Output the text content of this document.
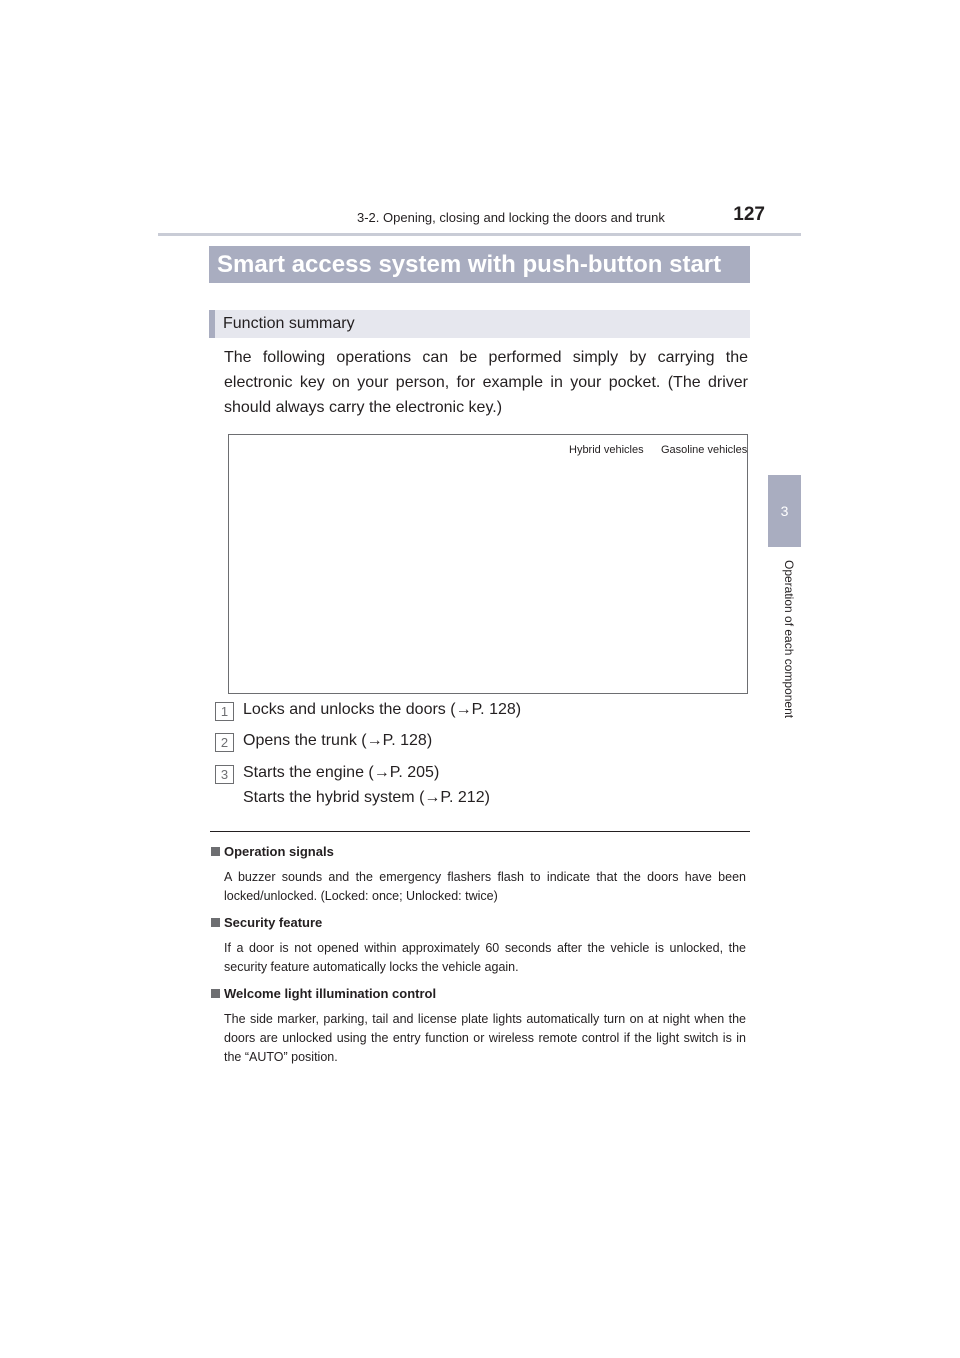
3-2. Opening, closing and locking the doors and trunk	127
3
Operation of each component
Smart access system with push-button start
Function summary
The following operations can be performed simply by carrying the electronic key on your person, for example in your pocket. (The driver should always carry the electronic key.)
Hybrid vehicles Gasoline vehicles
1 Locks and unlocks the doors (→P. 128)
2 Opens the trunk (→P. 128)
3 Starts the engine (→P. 205)
Starts the hybrid system (→P. 212)
Operation signals
A buzzer sounds and the emergency flashers flash to indicate that the doors have been locked/unlocked. (Locked: once; Unlocked: twice)
Security feature
If a door is not opened within approximately 60 seconds after the vehicle is unlocked, the security feature automatically locks the vehicle again.
Welcome light illumination control
The side marker, parking, tail and license plate lights automatically turn on at night when the doors are unlocked using the entry function or wireless remote control if the light switch is in the “AUTO” position.
